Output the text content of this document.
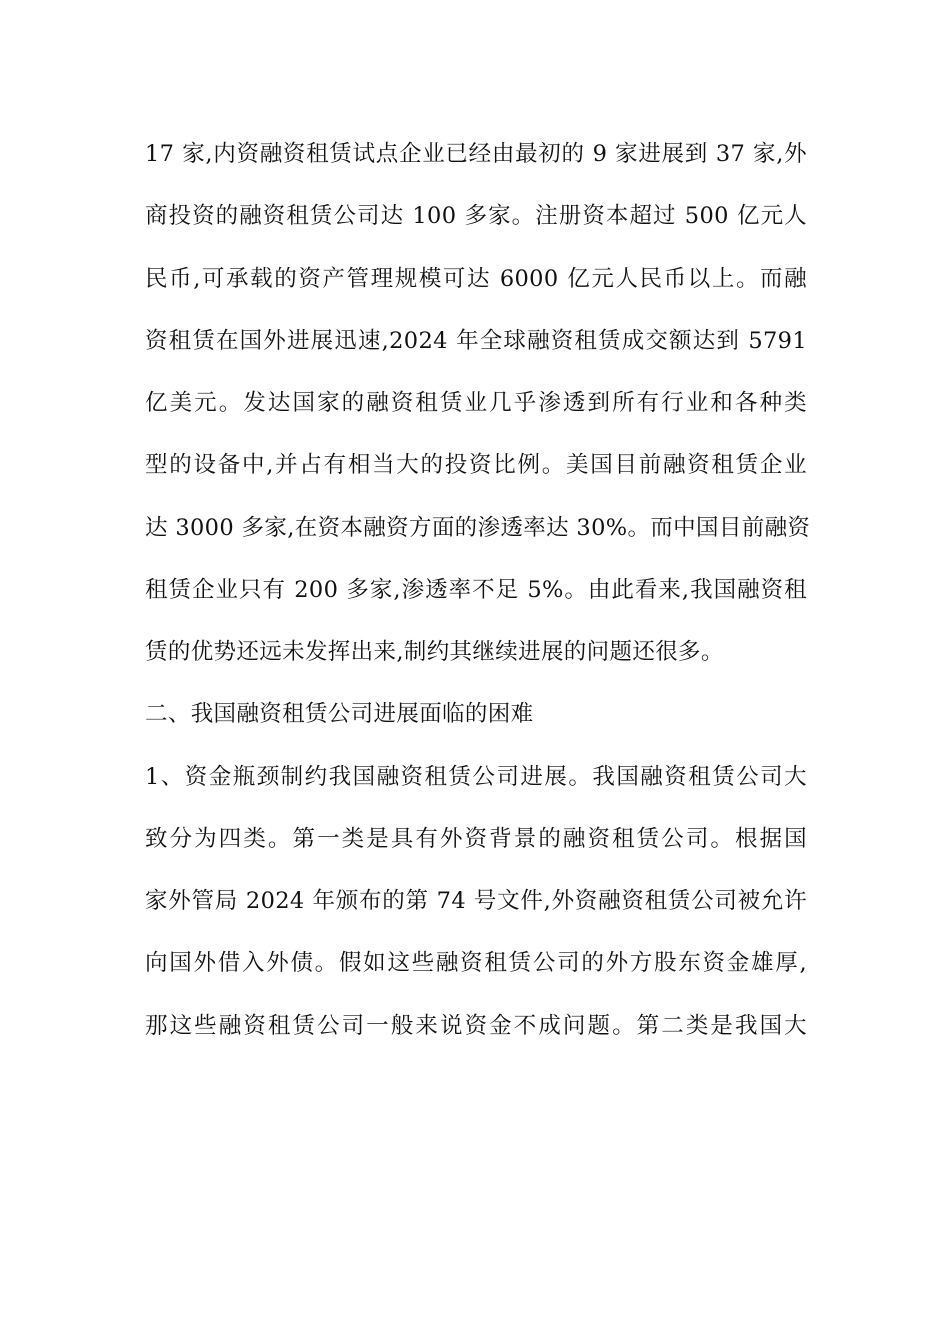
17 家,内资融资租赁试点企业已经由最初的 9 家进展到 37 家,外
商投资的融资租赁公司达 100 多家。注册资本超过 500 亿元人
民币,可承载的资产管理规模可达 6000 亿元人民币以上。而融
资租赁在国外进展迅速,2024 年全球融资租赁成交额达到 5791
亿美元。发达国家的融资租赁业几乎渗透到所有行业和各种类
型的设备中,并占有相当大的投资比例。美国目前融资租赁企业
达 3000 多家,在资本融资方面的渗透率达 30%。而中国目前融资
租赁企业只有 200 多家,渗透率不足 5%。由此看来,我国融资租
赁的优势还远未发挥出来,制约其继续进展的问题还很多。
二、我国融资租赁公司进展面临的困难
1、资金瓶颈制约我国融资租赁公司进展。我国融资租赁公司大
致分为四类。第一类是具有外资背景的融资租赁公司。根据国
家外管局 2024 年颁布的第 74 号文件,外资融资租赁公司被允许
向国外借入外债。假如这些融资租赁公司的外方股东资金雄厚,
那这些融资租赁公司一般来说资金不成问题。第二类是我国大
